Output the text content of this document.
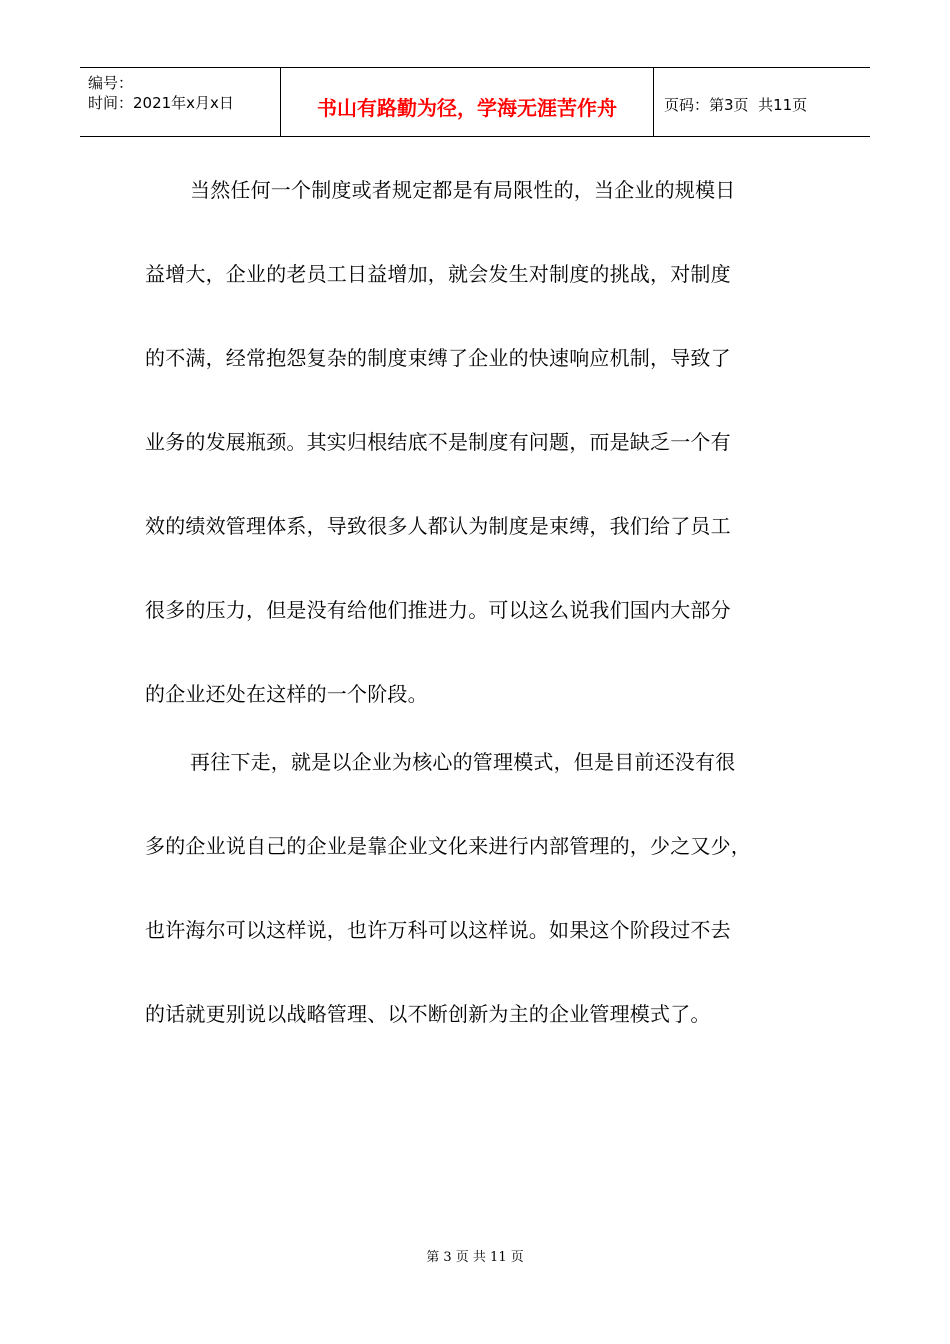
编号：
时间：2021年x月x日	书山有路勤为径，学海无涯苦作舟	页码：第3页  共11页
当然任何一个制度或者规定都是有局限性的，当企业的规模日
益增大，企业的老员工日益增加，就会发生对制度的挑战，对制度
的不满，经常抱怨复杂的制度束缚了企业的快速响应机制，导致了
业务的发展瓶颈。其实归根结底不是制度有问题，而是缺乏一个有
效的绩效管理体系，导致很多人都认为制度是束缚，我们给了员工
很多的压力，但是没有给他们推进力。可以这么说我们国内大部分
的企业还处在这样的一个阶段。
再往下走，就是以企业为核心的管理模式，但是目前还没有很
多的企业说自己的企业是靠企业文化来进行内部管理的，少之又少，
也许海尔可以这样说，也许万科可以这样说。如果这个阶段过不去
的话就更别说以战略管理、以不断创新为主的企业管理模式了。
第 3 页 共 11 页
